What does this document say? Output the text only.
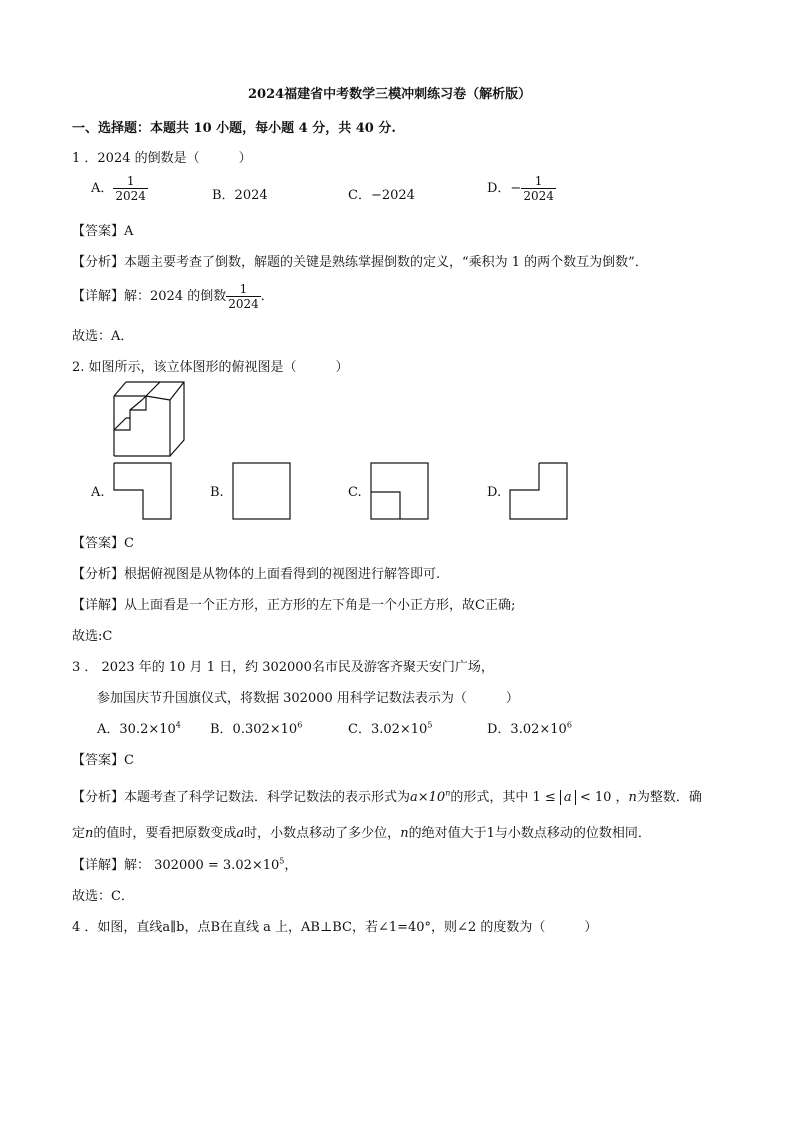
2024福建省中考数学三模冲刺练习卷（解析版）
一、选择题：本题共 10 小题，每小题 4 分，共 40 分.
1 ．2024 的倒数是（　　　）
A． $\frac{1}{2024}$	B．2024	C．−2024	D．− $\frac{1}{2024}$
【答案】A
【分析】本题主要考查了倒数，解题的关键是熟练掌握倒数的定义，“乘积为 1 的两个数互为倒数”．
【详解】解：2024 的倒数 $\frac{1}{2024}$ ．
故选：A．
2. 如图所示，该立体图形的俯视图是（　　　）
A.	B.	C.	D.
【答案】C
【分析】根据俯视图是从物体的上面看得到的视图进行解答即可.
【详解】从上面看是一个正方形，正方形的左下角是一个小正方形，故C正确;
故选:C
3 ． 2023 年的 10 月 1 日，约 302000名市民及游客齐聚天安门广场，
参加国庆节升国旗仪式，将数据 302000 用科学记数法表示为（　　　）
A．$30.2\times 10^4$ B．$0.302\times 10^6$	C．$3.02\times 10^5$	D．$3.02\times 10^6$
【答案】C
【分析】本题考查了科学记数法．科学记数法的表示形式为$a\times 10^n$的形式，其中 1 ≤ a < 10 ，n为整数．确
定n的值时，要看把原数变成a时，小数点移动了多少位，n的绝对值大于1与小数点移动的位数相同．
【详解】解： $302000 = 3.02\times 10^5$，
故选：C．
4 ．如图，直线a∥b，点B在直线 a 上，AB⊥BC，若∠1=40°，则∠2 的度数为（　　　）
